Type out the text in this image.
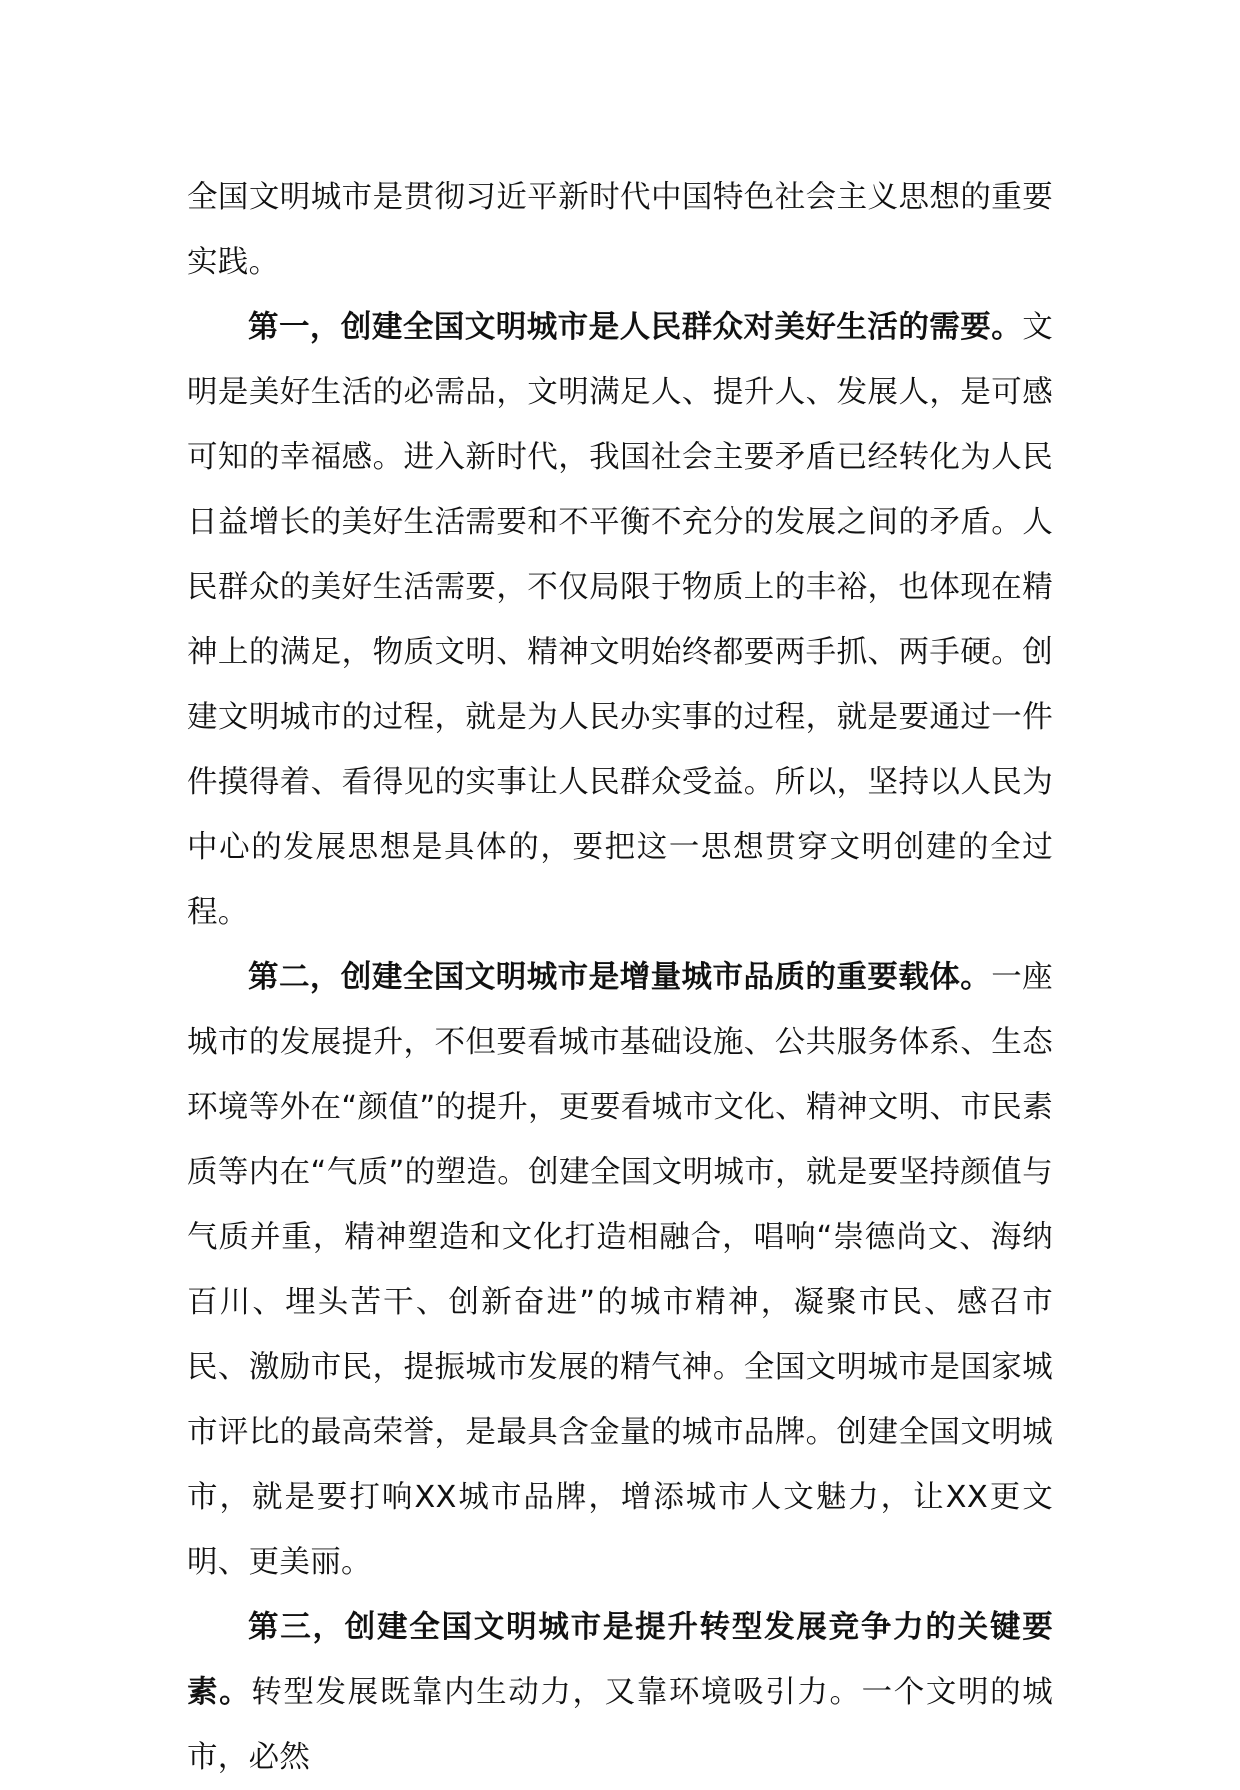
全国文明城市是贯彻习近平新时代中国特色社会主义思想的重要实践。

第一，创建全国文明城市是人民群众对美好生活的需要。文明是美好生活的必需品，文明满足人、提升人、发展人，是可感可知的幸福感。进入新时代，我国社会主要矛盾已经转化为人民日益增长的美好生活需要和不平衡不充分的发展之间的矛盾。人民群众的美好生活需要，不仅局限于物质上的丰裕，也体现在精神上的满足，物质文明、精神文明始终都要两手抓、两手硬。创建文明城市的过程，就是为人民办实事的过程，就是要通过一件件摸得着、看得见的实事让人民群众受益。所以，坚持以人民为中心的发展思想是具体的，要把这一思想贯穿文明创建的全过程。

第二，创建全国文明城市是增量城市品质的重要载体。一座城市的发展提升，不但要看城市基础设施、公共服务体系、生态环境等外在“颜值”的提升，更要看城市文化、精神文明、市民素质等内在“气质”的塑造。创建全国文明城市，就是要坚持颜值与气质并重，精神塑造和文化打造相融合，唱响“崇德尚文、海纳百川、埋头苦干、创新奋进”的城市精神，凝聚市民、感召市民、激励市民，提振城市发展的精气神。全国文明城市是国家城市评比的最高荣誉，是最具含金量的城市品牌。创建全国文明城市，就是要打响XX城市品牌，增添城市人文魅力，让XX更文明、更美丽。

第三，创建全国文明城市是提升转型发展竞争力的关键要素。转型发展既靠内生动力，又靠环境吸引力。一个文明的城市，必然
